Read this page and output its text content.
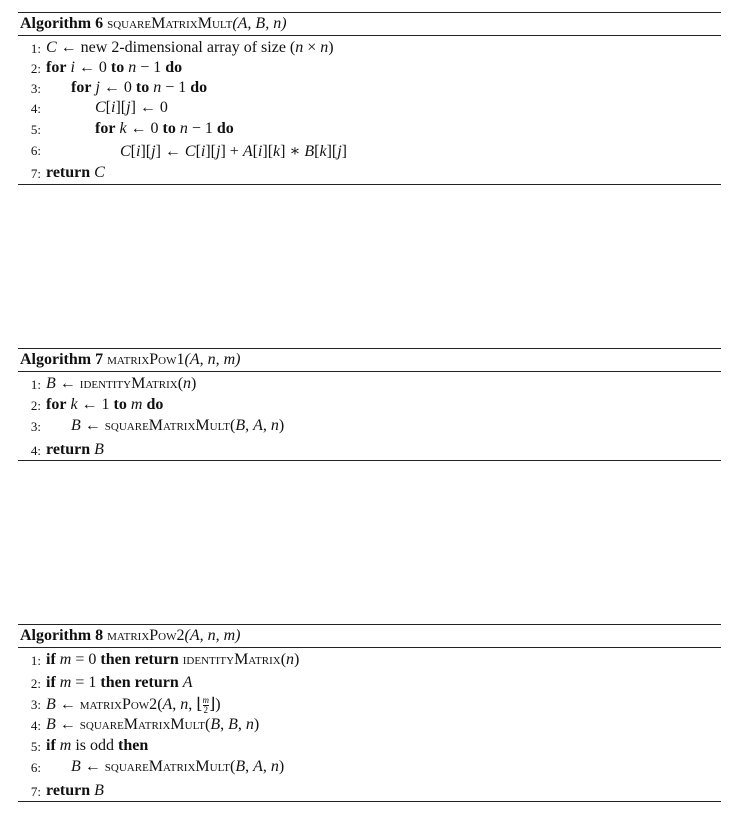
Algorithm 6 squareMatrixMult(A, B, n)
1: C ← new 2-dimensional array of size (n × n)
2: for i ← 0 to n − 1 do
3: for j ← 0 to n − 1 do
4:	C[i][j] ← 0
5:	for k ← 0 to n − 1 do
6:	C[i][j] ← C[i][j] + A[i][k] ∗ B[k][j]
7: return C
Algorithm 7 matrixPow1(A, n, m)
1: B ← identityMatrix(n)
2: for k ← 1 to m do
3: B ← squareMatrixMult(B, A, n)
4: return B
Algorithm 8 matrixPow2(A, n, m)
1: if m = 0 then return identityMatrix(n)
2: if m = 1 then return A
3: B ← matrixPow2(A, n, ⌊ $\frac{m}{2}$ ⌋)
4: B ← squareMatrixMult(B, B, n)
5: if m is odd then
6: B ← squareMatrixMult(B, A, n)
7: return B
